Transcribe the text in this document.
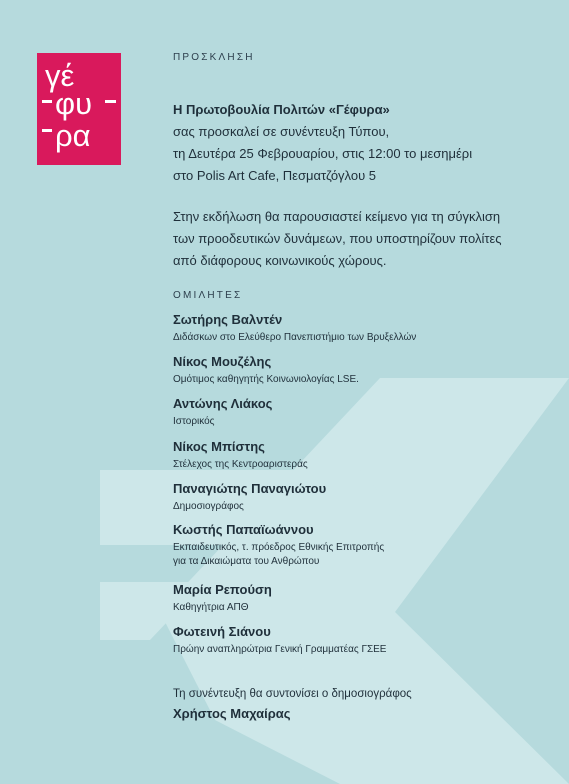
γέ
φυ
ρα
ΠΡΟΣΚΛΗΣΗ
Η Πρωτοβουλία Πολιτών «Γέφυρα»
σας προσκαλεί σε συνέντευξη Τύπου,
τη Δευτέρα 25 Φεβρουαρίου, στις 12:00 το μεσημέρι
στο Polis Art Cafe, Πεσματζόγλου 5
Στην εκδήλωση θα παρουσιαστεί κείμενο για τη σύγκλιση
των προοδευτικών δυνάμεων, που υποστηρίζουν πολίτες
από διάφορους κοινωνικούς χώρους.
ΟΜΙΛΗΤΕΣ
Σωτήρης Βαλντέν
Διδάσκων στο Ελεύθερο Πανεπιστήμιο των Βρυξελλών
Νίκος Μουζέλης
Ομότιμος καθηγητής Κοινωνιολογίας LSE.
Αντώνης Λιάκος
Ιστορικός
Νίκος Μπίστης
Στέλεχος της Κεντροαριστεράς
Παναγιώτης Παναγιώτου
Δημοσιογράφος
Κωστής Παπαϊωάννου
Εκπαιδευτικός, τ. πρόεδρος Εθνικής Επιτροπής
για τα Δικαιώματα του Ανθρώπου
Μαρία Ρεπούση
Καθηγήτρια ΑΠΘ
Φωτεινή Σιάνου
Πρώην αναπληρώτρια Γενική Γραμματέας ΓΣΕΕ
Τη συνέντευξη θα συντονίσει ο δημοσιογράφος
Χρήστος Μαχαίρας
